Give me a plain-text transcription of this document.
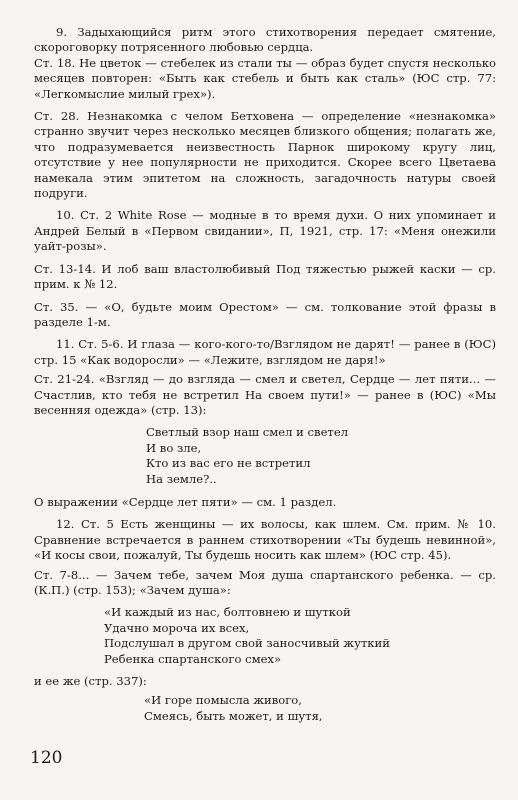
9. Задыхающийся ритм этого стихотворения передает смятение, скороговорку потрясенного любовью сердца.

Ст. 18. Не цветок — стебелек из стали ты — образ будет спустя несколько месяцев повторен: «Быть как стебель и быть как сталь» (ЮС стр. 77: «Легкомыслие милый грех»).

Ст. 28. Незнакомка с челом Бетховена — определение «незнакомка» странно звучит через несколько месяцев близкого общения; полагать же, что подразумевается неизвестность Парнок широкому кругу лиц, отсутствие у нее популярности не приходится. Скорее всего Цветаева намекала этим эпитетом на сложность, загадочность натуры своей подруги.

10. Ст. 2 White Rose — модные в то время духи. О них упоминает и Андрей Белый в «Первом свидании», П, 1921, стр. 17: «Меня онежили уайт-розы».

Ст. 13-14. И лоб ваш властолюбивый Под тяжестью рыжей каски — ср. прим. к № 12.

Ст. 35. — «О, будьте моим Орестом» — см. толкование этой фразы в разделе 1-м.

11. Ст. 5-6. И глаза — кого-кого-то/Взглядом не дарят! — ранее в (ЮС) стр. 15 «Как водоросли» — «Лежите, взглядом не даря!»

Ст. 21-24. «Взгляд — до взгляда — смел и светел, Сердце — лет пяти... — Счастлив, кто тебя не встретил На своем пути!» — ранее в (ЮС) «Мы весенняя одежда» (стр. 13):

Светлый взор наш смел и светел
И во зле,
Кто из вас его не встретил
На земле?..

О выражении «Сердце лет пяти» — см. 1 раздел.

12. Ст. 5 Есть женщины — их волосы, как шлем. См. прим. № 10. Сравнение встречается в раннем стихотворении «Ты будешь невинной», «И косы свои, пожалуй, Ты будешь носить как шлем» (ЮС стр. 45).

Ст. 7-8... — Зачем тебе, зачем Моя душа спартанского ребенка. — ср. (К.П.) (стр. 153); «Зачем душа»:

«И каждый из нас, болтовнею и шуткой
Удачно мороча их всех,
Подслушал в другом свой заносчивый жуткий
Ребенка спартанского смех»

и ее же (стр. 337):

«И горе помысла живого,
Смеясь, быть может, и шутя,
120
